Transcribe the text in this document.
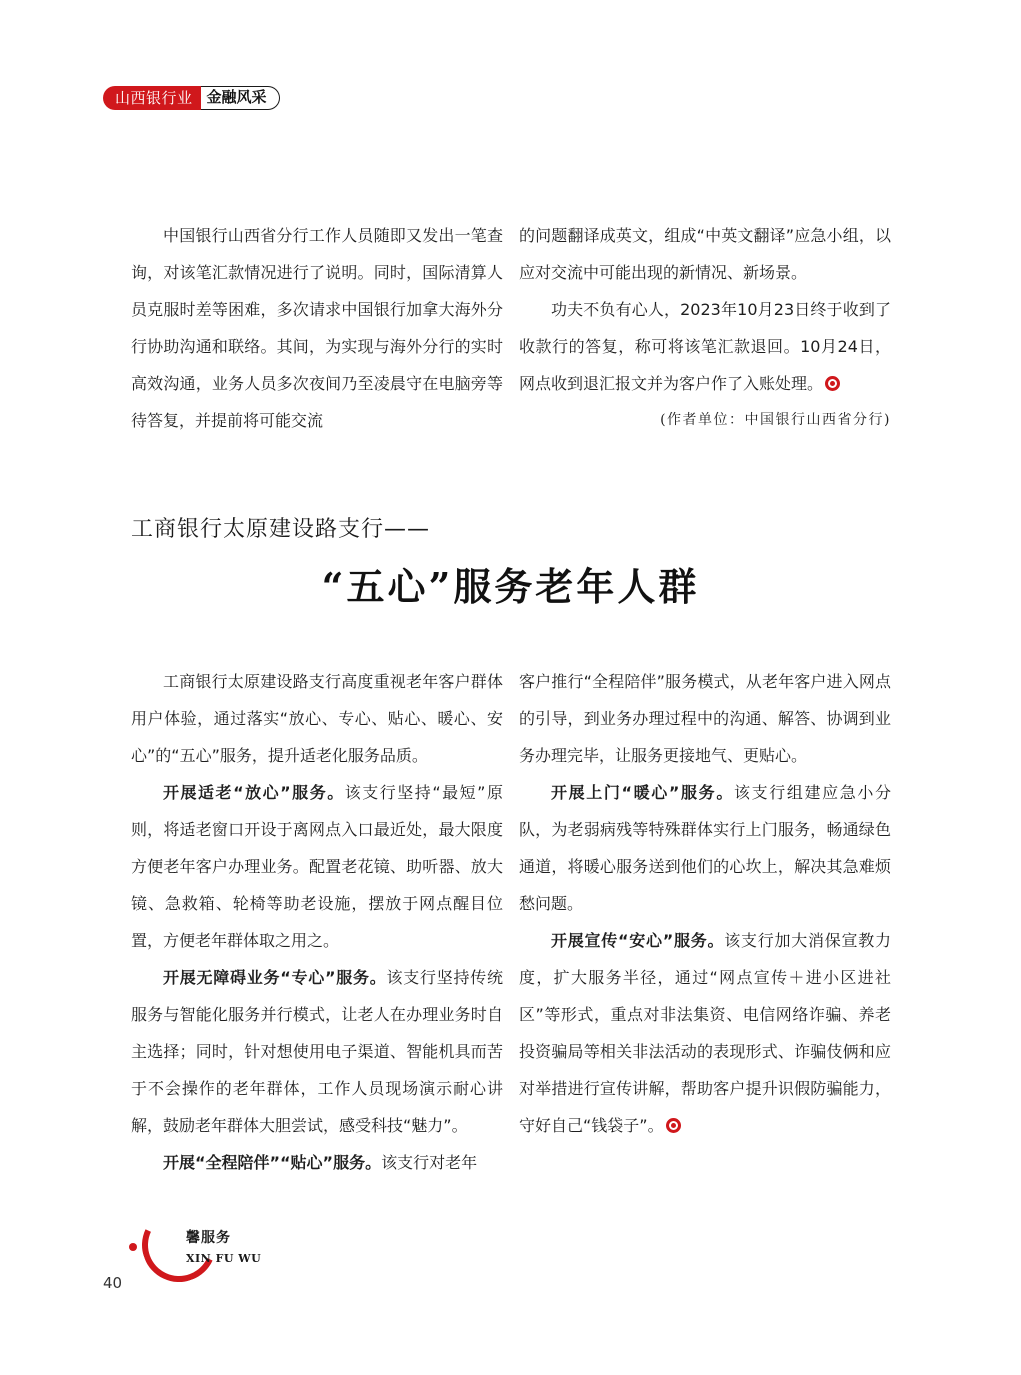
山西银行业 金融风采

中国银行山西省分行工作人员随即又发出一笔查询，对该笔汇款情况进行了说明。同时，国际清算人员克服时差等困难，多次请求中国银行加拿大海外分行协助沟通和联络。其间，为实现与海外分行的实时高效沟通，业务人员多次夜间乃至凌晨守在电脑旁等待答复，并提前将可能交流

的问题翻译成英文，组成“中英文翻译”应急小组，以应对交流中可能出现的新情况、新场景。

功夫不负有心人，2023年10月23日终于收到了收款行的答复，称可将该笔汇款退回。10月24日，网点收到退汇报文并为客户作了入账处理。

(作者单位：中国银行山西省分行)
工商银行太原建设路支行——
“五心”服务老年人群

工商银行太原建设路支行高度重视老年客户群体用户体验，通过落实“放心、专心、贴心、暖心、安心”的“五心”服务，提升适老化服务品质。

开展适老“放心”服务。该支行坚持“最短”原则，将适老窗口开设于离网点入口最近处，最大限度方便老年客户办理业务。配置老花镜、助听器、放大镜、急救箱、轮椅等助老设施，摆放于网点醒目位置，方便老年群体取之用之。

开展无障碍业务“专心”服务。该支行坚持传统服务与智能化服务并行模式，让老人在办理业务时自主选择；同时，针对想使用电子渠道、智能机具而苦于不会操作的老年群体，工作人员现场演示耐心讲解，鼓励老年群体大胆尝试，感受科技“魅力”。

开展“全程陪伴”“贴心”服务。该支行对老年

客户推行“全程陪伴”服务模式，从老年客户进入网点的引导，到业务办理过程中的沟通、解答、协调到业务办理完毕，让服务更接地气、更贴心。

开展上门“暖心”服务。该支行组建应急小分队，为老弱病残等特殊群体实行上门服务，畅通绿色通道，将暖心服务送到他们的心坎上，解决其急难烦愁问题。

开展宣传“安心”服务。该支行加大消保宣教力度，扩大服务半径，通过“网点宣传＋进小区进社区”等形式，重点对非法集资、电信网络诈骗、养老投资骗局等相关非法活动的表现形式、诈骗伎俩和应对举措进行宣传讲解，帮助客户提升识假防骗能力，守好自己“钱袋子”。

馨服务
XIN FU WU
40
